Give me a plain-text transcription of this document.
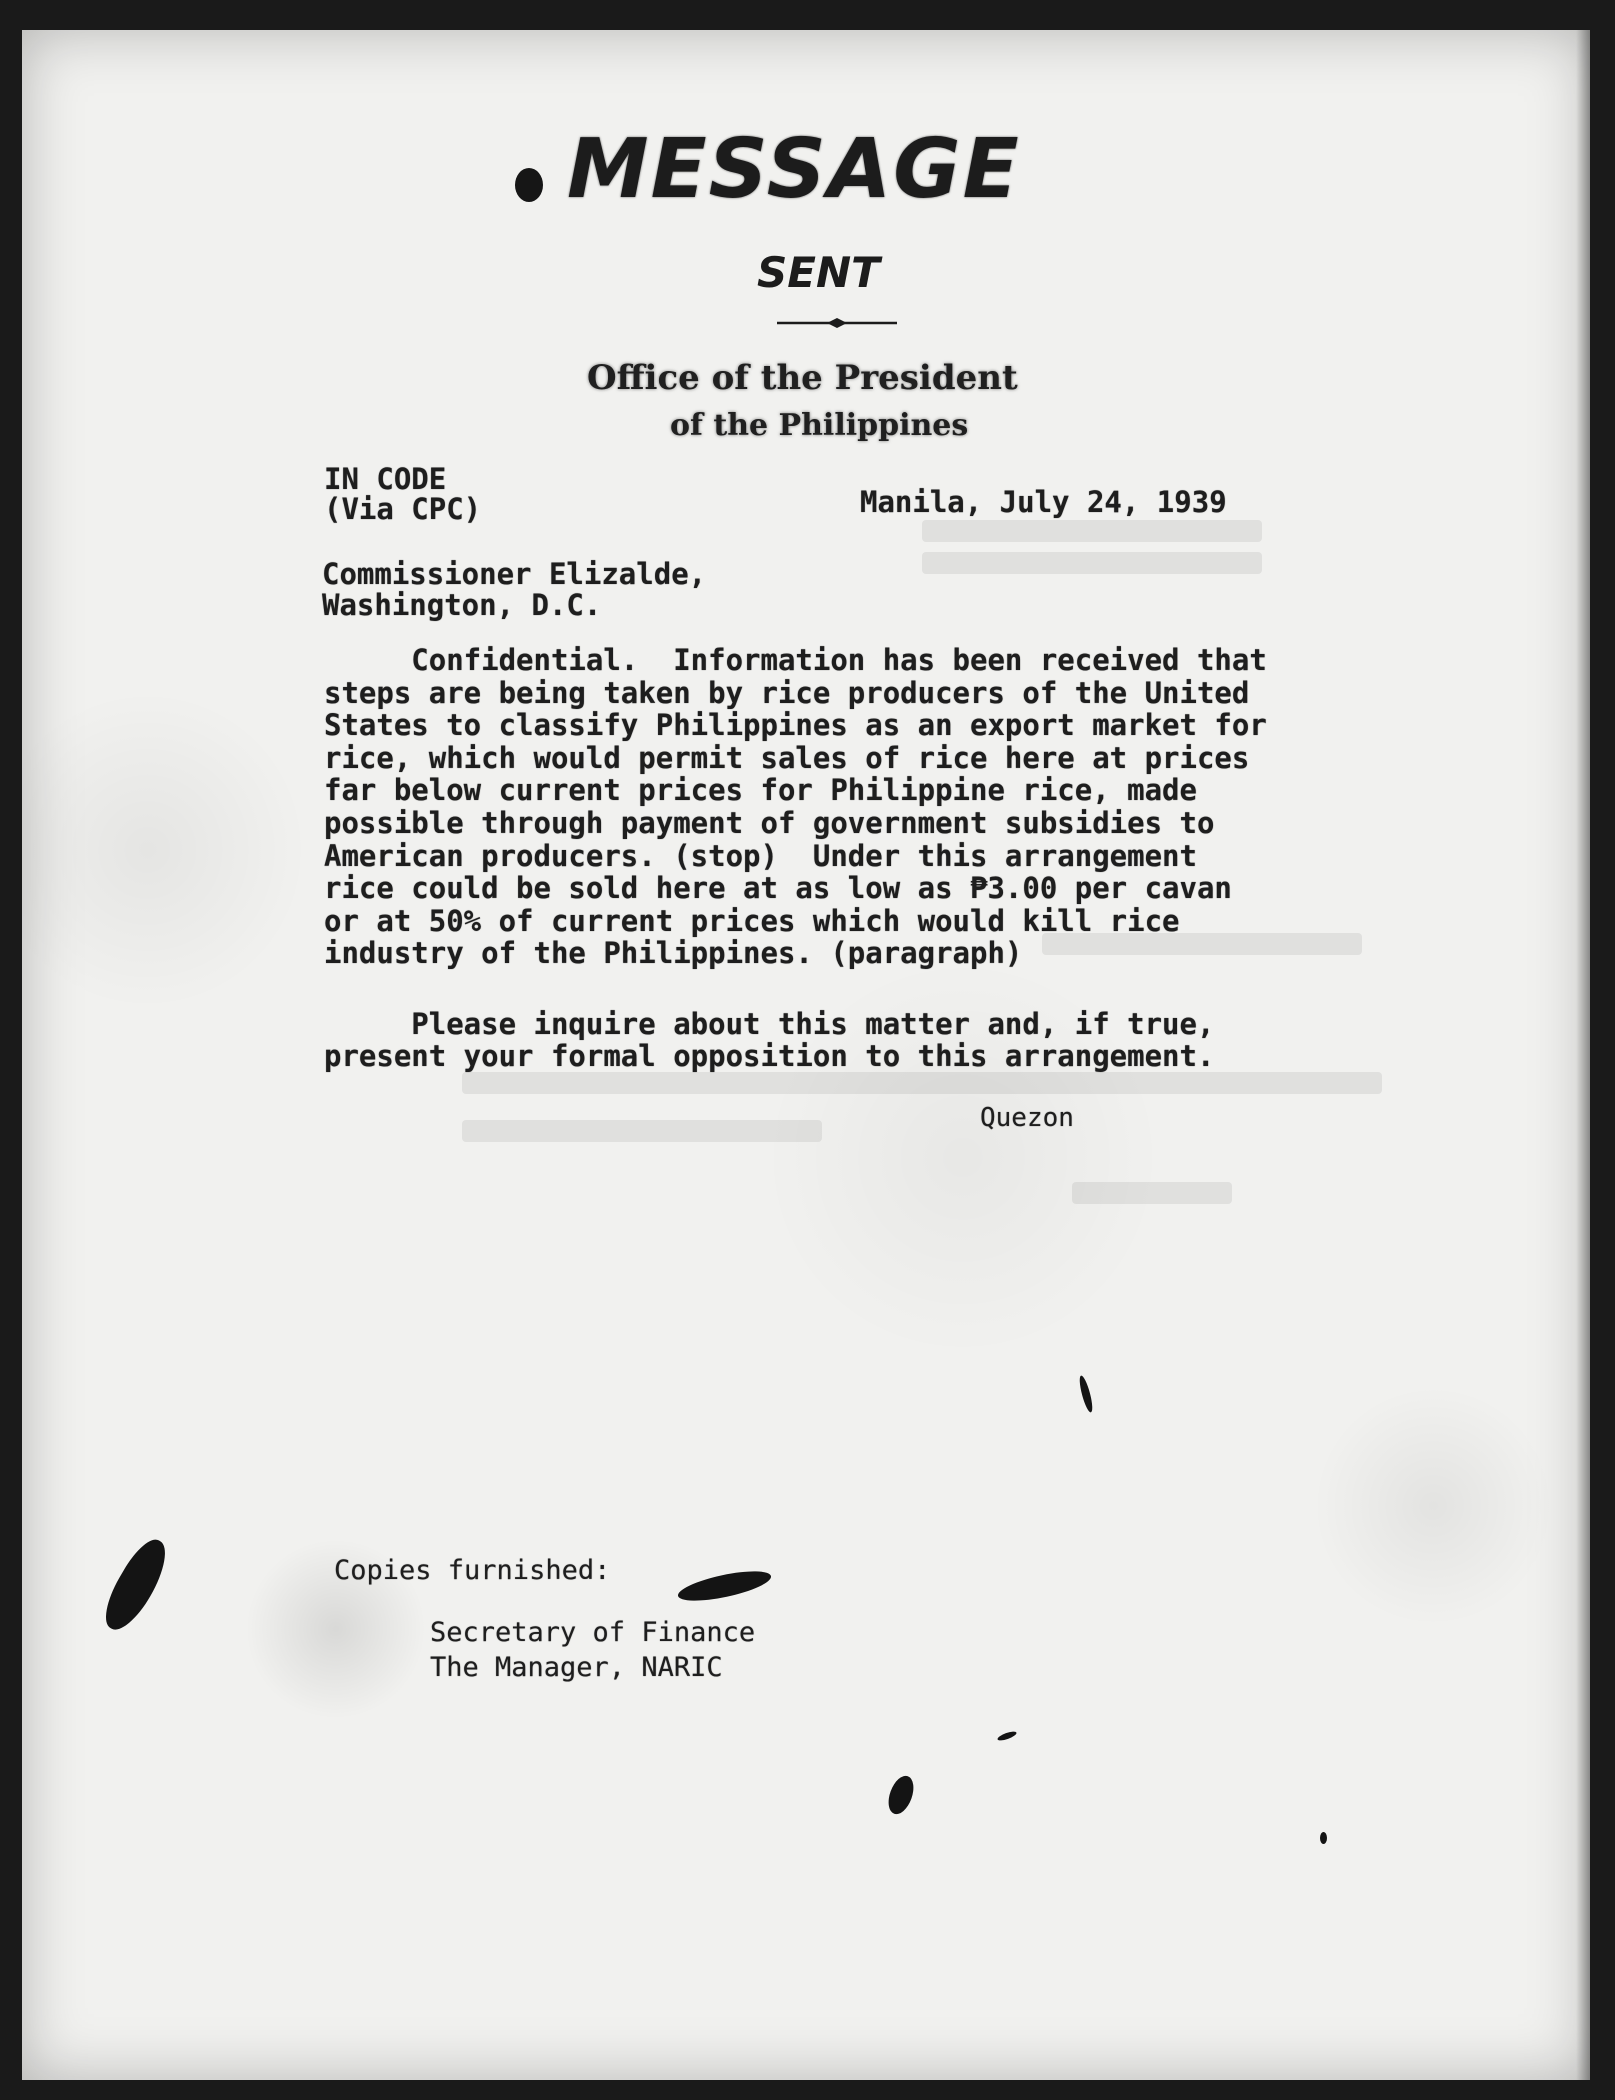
MESSAGE
SENT
Office of the President
of the Philippines
IN CODE
(Via CPC)	Manila, July 24, 1939
Commissioner Elizalde,
Washington, D.C.
Confidential.  Information has been received that
steps are being taken by rice producers of the United
States to classify Philippines as an export market for
rice, which would permit sales of rice here at prices
far below current prices for Philippine rice, made
possible through payment of government subsidies to
American producers. (stop)  Under this arrangement
rice could be sold here at as low as ₱3.00 per cavan
or at 50% of current prices which would kill rice
industry of the Philippines. (paragraph)
Please inquire about this matter and, if true,
present your formal opposition to this arrangement.
Quezon
Copies furnished:
Secretary of Finance
The Manager, NARIC
